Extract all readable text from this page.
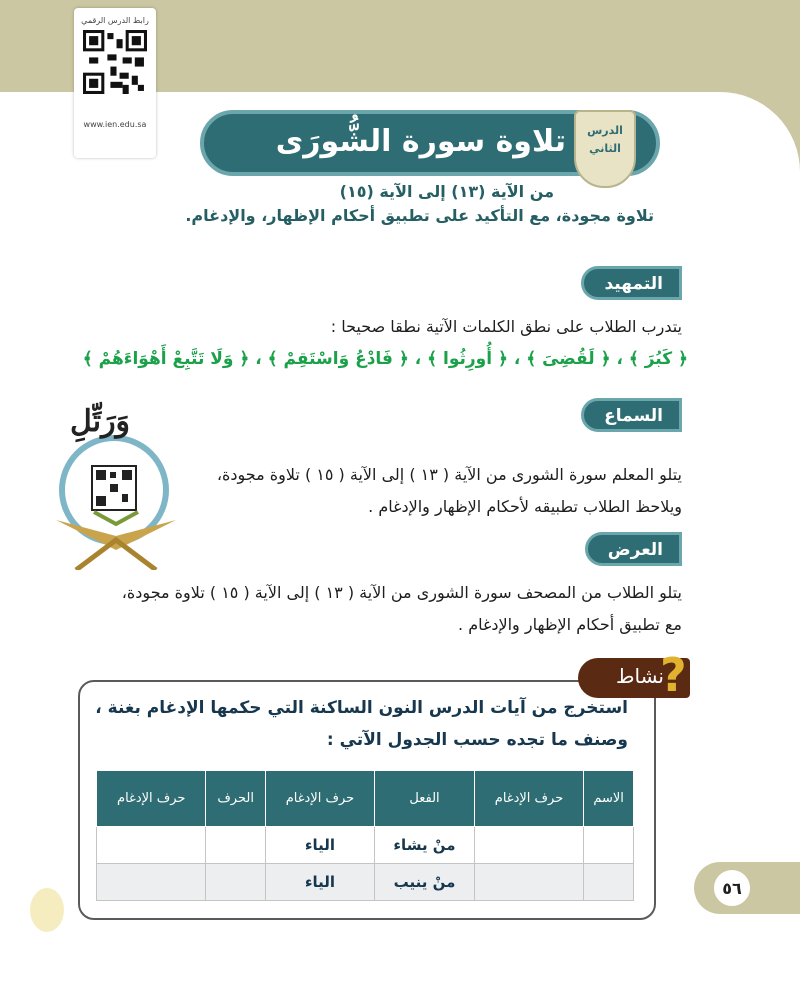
الوحدة السابعة
رابط الدرس الرقمي
www.ien.edu.sa	تلاوة سورة الشُّورَى	الدرس
الثاني
من الآية (١٣) إلى الآية (١٥)
تلاوة مجودة، مع التأكيد على تطبيق أحكام الإظهار، والإدغام.
التمهيد
يتدرب الطلاب على نطق الكلمات الآتية نطقا صحيحا :
﴿ كَبُرَ ﴾ ، ﴿ لَقُضِىَ ﴾ ، ﴿ أُورِثُوا ﴾ ، ﴿ فَادْعُ وَاسْتَقِمْ ﴾ ، ﴿ وَلَا تَتَّبِعْ أَهْوَاءَهُمْ ﴾
السماع
يتلو المعلم سورة الشورى من الآية ( ١٣ ) إلى الآية ( ١٥ ) تلاوة مجودة،
ويلاحظ الطلاب تطبيقه لأحكام الإظهار والإدغام .
وَرَتِّلِ
العرض
يتلو الطلاب من المصحف سورة الشورى من الآية ( ١٣ ) إلى الآية ( ١٥ ) تلاوة مجودة،
مع تطبيق أحكام الإظهار والإدغام .
نشاط
?
استخرج من آيات الدرس النون الساكنة التي حكمها الإدغام بغنة ،
وصنف ما تجده حسب الجدول الآتي :
الاسم	حرف الإدغام	الفعل	حرف الإدغام	الحرف	حرف الإدغام
		منْ يشاء	الياء		
		منْ ينيب	الياء			٥٦
